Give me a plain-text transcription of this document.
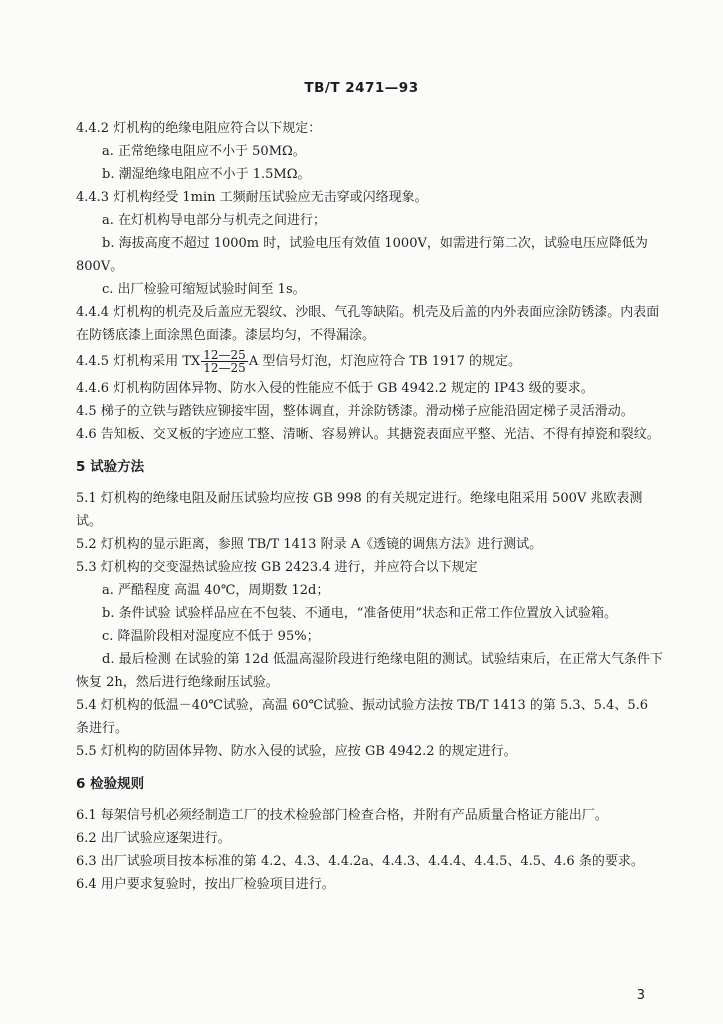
TB/T 2471—93

4.4.2 灯机构的绝缘电阻应符合以下规定：

a. 正常绝缘电阻应不小于 50MΩ。

b. 潮湿绝缘电阻应不小于 1.5MΩ。

4.4.3 灯机构经受 1min 工频耐压试验应无击穿或闪络现象。

a. 在灯机构导电部分与机壳之间进行；

b. 海拔高度不超过 1000m 时，试验电压有效值 1000V，如需进行第二次，试验电压应降低为 800V。

c. 出厂检验可缩短试验时间至 1s。

4.4.4 灯机构的机壳及后盖应无裂纹、沙眼、气孔等缺陷。机壳及后盖的内外表面应涂防锈漆。内表面在防锈底漆上面涂黑色面漆。漆层均匀，不得漏涂。

4.4.5 灯机构采用 TX $\frac{12—25}{12—25}$ A 型信号灯泡，灯泡应符合 TB 1917 的规定。

4.4.6 灯机构防固体异物、防水入侵的性能应不低于 GB 4942.2 规定的 IP43 级的要求。

4.5 梯子的立铁与踏铁应铆接牢固，整体调直，并涂防锈漆。滑动梯子应能沿固定梯子灵活滑动。

4.6 告知板、交叉板的字迹应工整、清晰、容易辨认。其搪瓷表面应平整、光洁、不得有掉瓷和裂纹。

5 试验方法

5.1 灯机构的绝缘电阻及耐压试验均应按 GB 998 的有关规定进行。绝缘电阻采用 500V 兆欧表测试。

5.2 灯机构的显示距离，参照 TB/T 1413 附录 A《透镜的调焦方法》进行测试。

5.3 灯机构的交变湿热试验应按 GB 2423.4 进行，并应符合以下规定

a. 严酷程度 高温 40℃，周期数 12d；

b. 条件试验 试验样品应在不包装、不通电，“准备使用”状态和正常工作位置放入试验箱。

c. 降温阶段相对湿度应不低于 95%；

d. 最后检测 在试验的第 12d 低温高湿阶段进行绝缘电阻的测试。试验结束后，在正常大气条件下恢复 2h，然后进行绝缘耐压试验。

5.4 灯机构的低温－40℃试验，高温 60℃试验、振动试验方法按 TB/T 1413 的第 5.3、5.4、5.6 条进行。

5.5 灯机构的防固体异物、防水入侵的试验，应按 GB 4942.2 的规定进行。

6 检验规则

6.1 每架信号机必须经制造工厂的技术检验部门检查合格，并附有产品质量合格证方能出厂。

6.2 出厂试验应逐架进行。

6.3 出厂试验项目按本标准的第 4.2、4.3、4.4.2a、4.4.3、4.4.4、4.4.5、4.5、4.6 条的要求。

6.4 用户要求复验时，按出厂检验项目进行。

3
